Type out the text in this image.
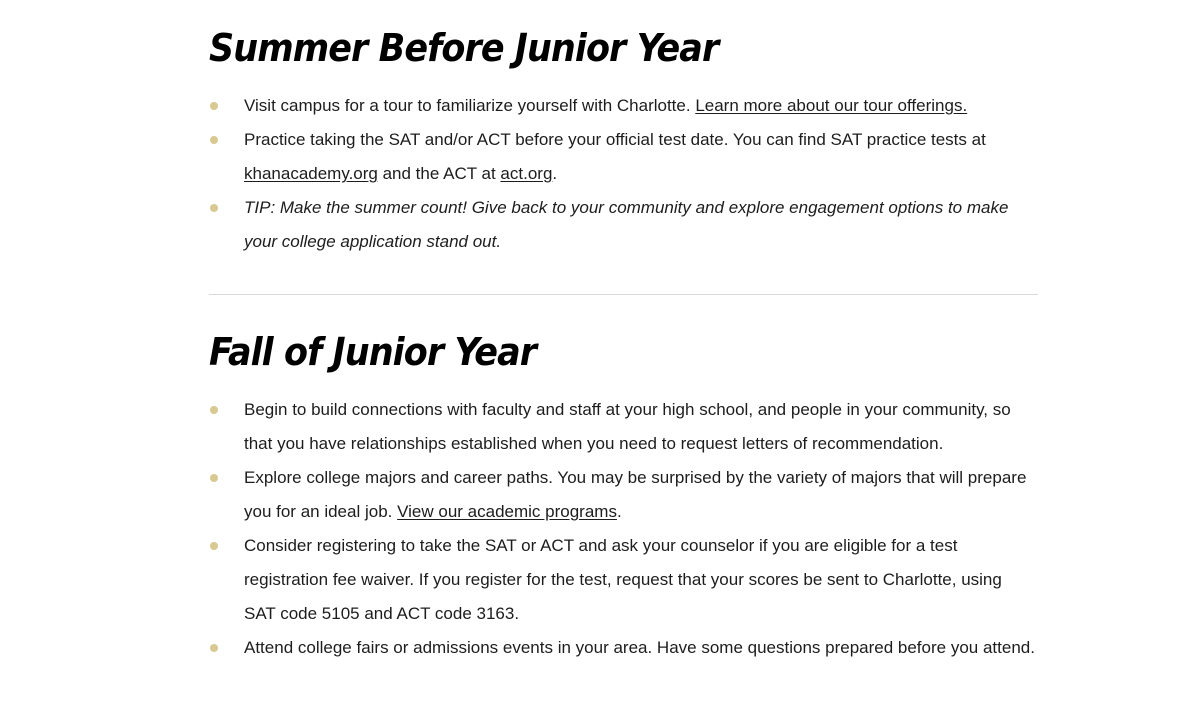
Summer Before Junior Year
Visit campus for a tour to familiarize yourself with Charlotte. Learn more about our tour offerings.
Practice taking the SAT and/or ACT before your official test date. You can find SAT practice tests at khanacademy.org and the ACT at act.org.
TIP: Make the summer count! Give back to your community and explore engagement options to make your college application stand out.
Fall of Junior Year
Begin to build connections with faculty and staff at your high school, and people in your community, so that you have relationships established when you need to request letters of recommendation.
Explore college majors and career paths. You may be surprised by the variety of majors that will prepare you for an ideal job. View our academic programs.
Consider registering to take the SAT or ACT and ask your counselor if you are eligible for a test registration fee waiver. If you register for the test, request that your scores be sent to Charlotte, using SAT code 5105 and ACT code 3163.
Attend college fairs or admissions events in your area. Have some questions prepared before you attend.
